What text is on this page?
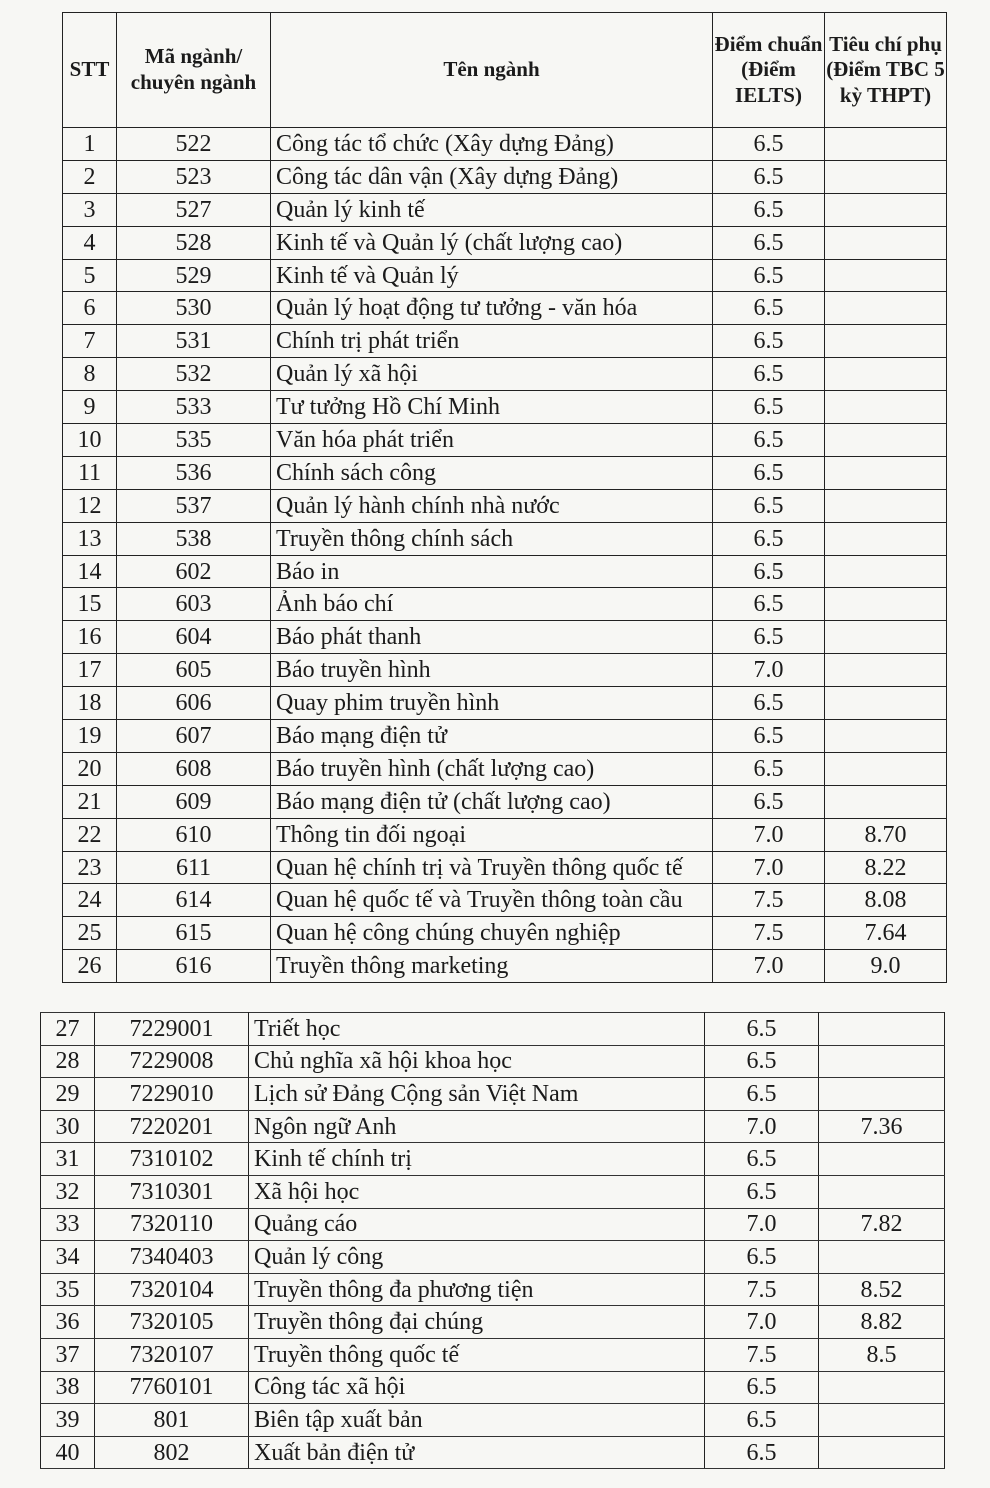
STT	Mã ngành/ chuyên ngành	Tên ngành	Điểm chuẩn (Điểm IELTS)	Tiêu chí phụ (Điểm TBC 5 kỳ THPT)
1	522	Công tác tổ chức (Xây dựng Đảng)	6.5	
2	523	Công tác dân vận (Xây dựng Đảng)	6.5	
3	527	Quản lý kinh tế	6.5	
4	528	Kinh tế và Quản lý (chất lượng cao)	6.5	
5	529	Kinh tế và Quản lý	6.5	
6	530	Quản lý hoạt động tư tưởng - văn hóa	6.5	
7	531	Chính trị phát triển	6.5	
8	532	Quản lý xã hội	6.5	
9	533	Tư tưởng Hồ Chí Minh	6.5	
10	535	Văn hóa phát triển	6.5	
11	536	Chính sách công	6.5	
12	537	Quản lý hành chính nhà nước	6.5	
13	538	Truyền thông chính sách	6.5	
14	602	Báo in	6.5	
15	603	Ảnh báo chí	6.5	
16	604	Báo phát thanh	6.5	
17	605	Báo truyền hình	7.0	
18	606	Quay phim truyền hình	6.5	
19	607	Báo mạng điện tử	6.5	
20	608	Báo truyền hình (chất lượng cao)	6.5	
21	609	Báo mạng điện tử (chất lượng cao)	6.5	
22	610	Thông tin đối ngoại	7.0	8.70
23	611	Quan hệ chính trị và Truyền thông quốc tế	7.0	8.22
24	614	Quan hệ quốc tế và Truyền thông toàn cầu	7.5	8.08
25	615	Quan hệ công chúng chuyên nghiệp	7.5	7.64
26	616	Truyền thông marketing	7.0	9.0
27	7229001	Triết học	6.5	
28	7229008	Chủ nghĩa xã hội khoa học	6.5	
29	7229010	Lịch sử Đảng Cộng sản Việt Nam	6.5	
30	7220201	Ngôn ngữ Anh	7.0	7.36
31	7310102	Kinh tế chính trị	6.5	
32	7310301	Xã hội học	6.5	
33	7320110	Quảng cáo	7.0	7.82
34	7340403	Quản lý công	6.5	
35	7320104	Truyền thông đa phương tiện	7.5	8.52
36	7320105	Truyền thông đại chúng	7.0	8.82
37	7320107	Truyền thông quốc tế	7.5	8.5
38	7760101	Công tác xã hội	6.5	
39	801	Biên tập xuất bản	6.5	
40	802	Xuất bản điện tử	6.5	
